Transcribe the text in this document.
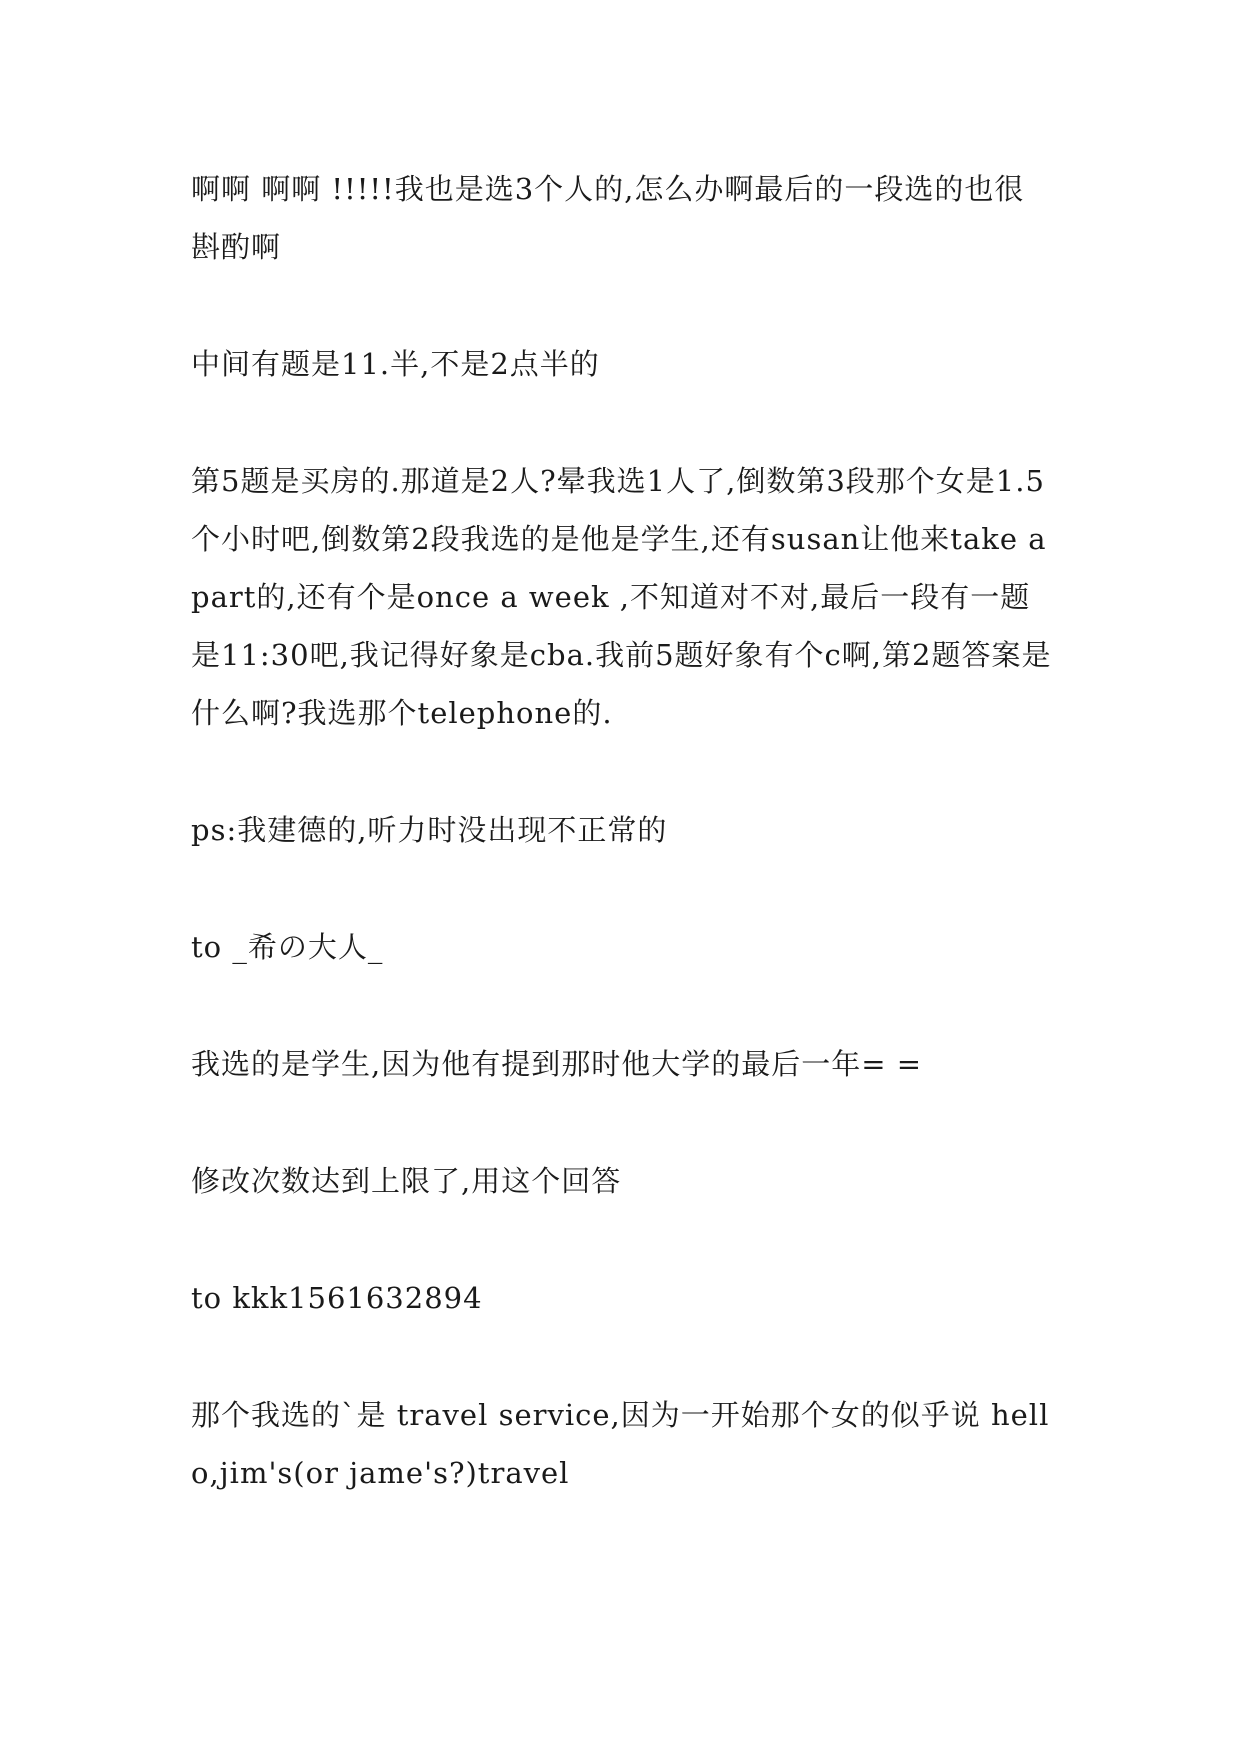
啊啊 啊啊 !!!!!我也是选3个人的,怎么办啊最后的一段选的也很斟酌啊

中间有题是11.半,不是2点半的

第5题是买房的.那道是2人?晕我选1人了,倒数第3段那个女是1.5个小时吧,倒数第2段我选的是他是学生,还有susan让他来take a part的,还有个是once a week ,不知道对不对,最后一段有一题是11:30吧,我记得好象是cba.我前5题好象有个c啊,第2题答案是什么啊?我选那个telephone的.

ps:我建德的,听力时没出现不正常的

to _希の大人_

我选的是学生,因为他有提到那时他大学的最后一年= =

修改次数达到上限了,用这个回答

to kkk1561632894

那个我选的`是 travel service,因为一开始那个女的似乎说 hello,jim's(or jame's?)travel
